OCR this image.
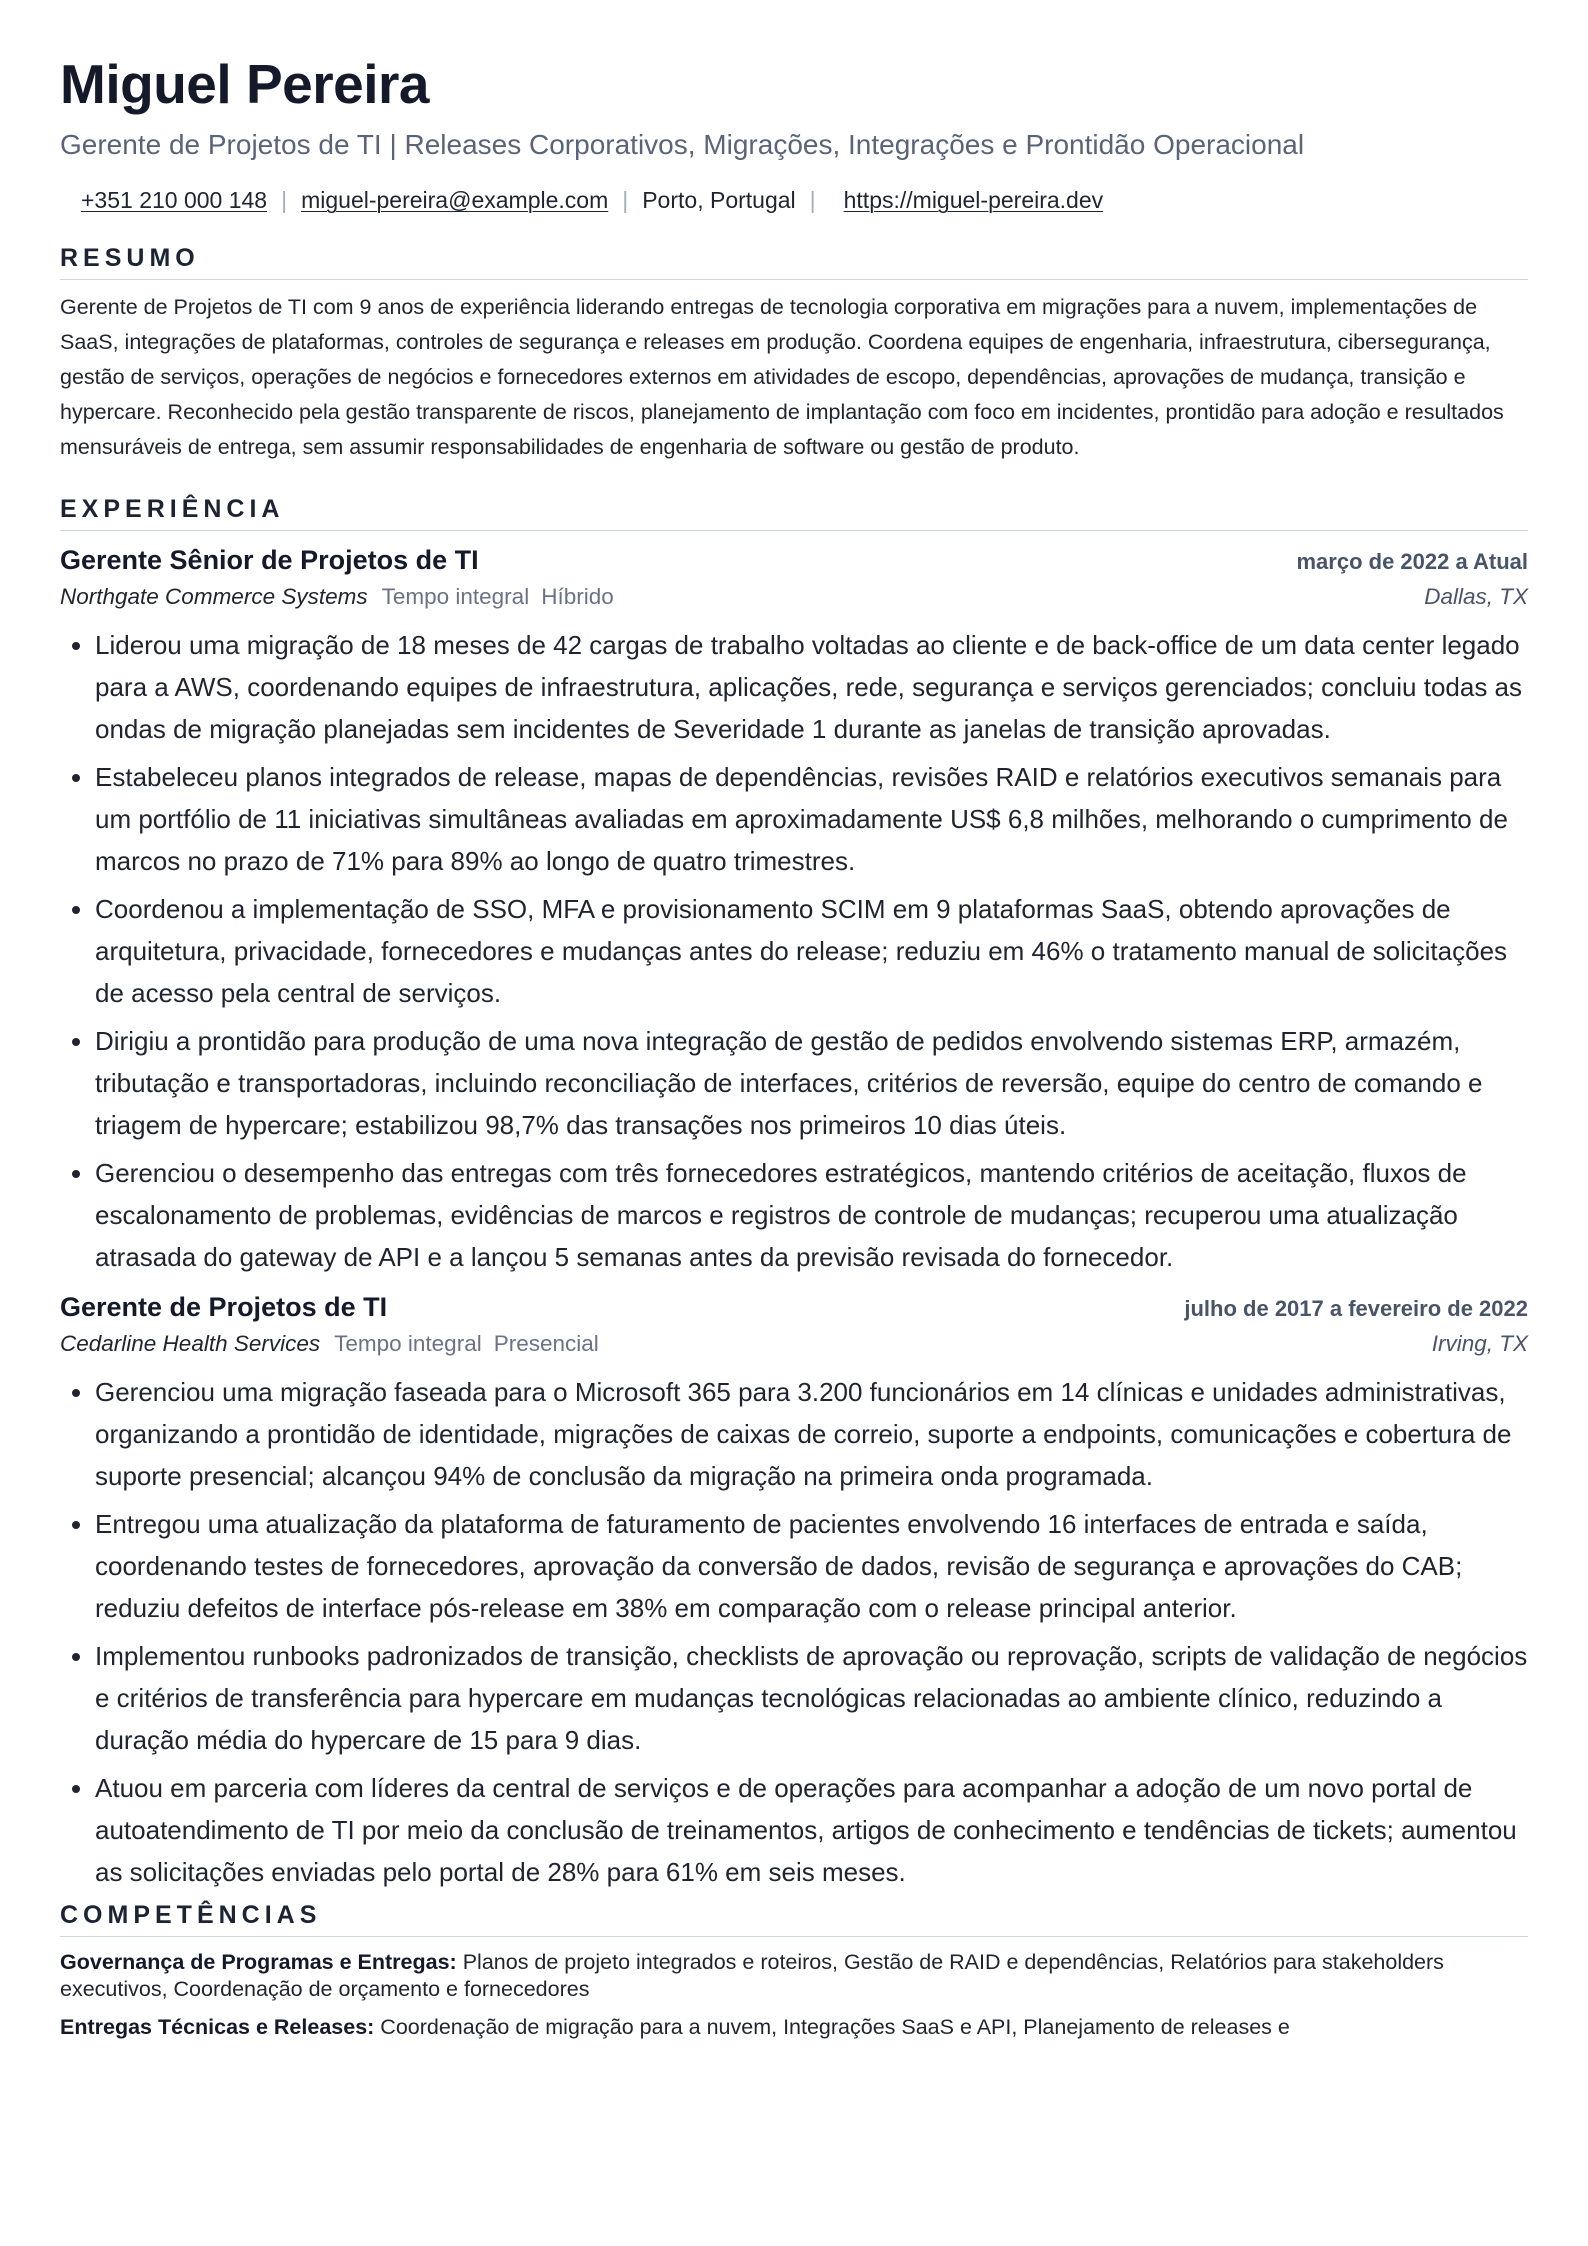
Miguel Pereira
Gerente de Projetos de TI | Releases Corporativos, Migrações, Integrações e Prontidão Operacional
+351 210 000 148 | miguel-pereira@example.com | Porto, Portugal | https://miguel-pereira.dev
RESUMO
Gerente de Projetos de TI com 9 anos de experiência liderando entregas de tecnologia corporativa em migrações para a nuvem, implementações de SaaS, integrações de plataformas, controles de segurança e releases em produção. Coordena equipes de engenharia, infraestrutura, cibersegurança, gestão de serviços, operações de negócios e fornecedores externos em atividades de escopo, dependências, aprovações de mudança, transição e hypercare. Reconhecido pela gestão transparente de riscos, planejamento de implantação com foco em incidentes, prontidão para adoção e resultados mensuráveis de entrega, sem assumir responsabilidades de engenharia de software ou gestão de produto.
EXPERIÊNCIA
Gerente Sênior de Projetos de TI	março de 2022 a Atual
Northgate Commerce Systems Tempo integral Híbrido	Dallas, TX
• Liderou uma migração de 18 meses de 42 cargas de trabalho voltadas ao cliente e de back-office de um data center legado para a AWS, coordenando equipes de infraestrutura, aplicações, rede, segurança e serviços gerenciados; concluiu todas as ondas de migração planejadas sem incidentes de Severidade 1 durante as janelas de transição aprovadas.
• Estabeleceu planos integrados de release, mapas de dependências, revisões RAID e relatórios executivos semanais para um portfólio de 11 iniciativas simultâneas avaliadas em aproximadamente US$ 6,8 milhões, melhorando o cumprimento de marcos no prazo de 71% para 89% ao longo de quatro trimestres.
• Coordenou a implementação de SSO, MFA e provisionamento SCIM em 9 plataformas SaaS, obtendo aprovações de arquitetura, privacidade, fornecedores e mudanças antes do release; reduziu em 46% o tratamento manual de solicitações de acesso pela central de serviços.
• Dirigiu a prontidão para produção de uma nova integração de gestão de pedidos envolvendo sistemas ERP, armazém, tributação e transportadoras, incluindo reconciliação de interfaces, critérios de reversão, equipe do centro de comando e triagem de hypercare; estabilizou 98,7% das transações nos primeiros 10 dias úteis.
• Gerenciou o desempenho das entregas com três fornecedores estratégicos, mantendo critérios de aceitação, fluxos de escalonamento de problemas, evidências de marcos e registros de controle de mudanças; recuperou uma atualização atrasada do gateway de API e a lançou 5 semanas antes da previsão revisada do fornecedor.
Gerente de Projetos de TI	julho de 2017 a fevereiro de 2022
Cedarline Health Services Tempo integral Presencial	Irving, TX
• Gerenciou uma migração faseada para o Microsoft 365 para 3.200 funcionários em 14 clínicas e unidades administrativas, organizando a prontidão de identidade, migrações de caixas de correio, suporte a endpoints, comunicações e cobertura de suporte presencial; alcançou 94% de conclusão da migração na primeira onda programada.
• Entregou uma atualização da plataforma de faturamento de pacientes envolvendo 16 interfaces de entrada e saída, coordenando testes de fornecedores, aprovação da conversão de dados, revisão de segurança e aprovações do CAB; reduziu defeitos de interface pós-release em 38% em comparação com o release principal anterior.
• Implementou runbooks padronizados de transição, checklists de aprovação ou reprovação, scripts de validação de negócios e critérios de transferência para hypercare em mudanças tecnológicas relacionadas ao ambiente clínico, reduzindo a duração média do hypercare de 15 para 9 dias.
• Atuou em parceria com líderes da central de serviços e de operações para acompanhar a adoção de um novo portal de autoatendimento de TI por meio da conclusão de treinamentos, artigos de conhecimento e tendências de tickets; aumentou as solicitações enviadas pelo portal de 28% para 61% em seis meses.
COMPETÊNCIAS
Governança de Programas e Entregas: Planos de projeto integrados e roteiros, Gestão de RAID e dependências, Relatórios para stakeholders executivos, Coordenação de orçamento e fornecedores
Entregas Técnicas e Releases: Coordenação de migração para a nuvem, Integrações SaaS e API, Planejamento de releases e
